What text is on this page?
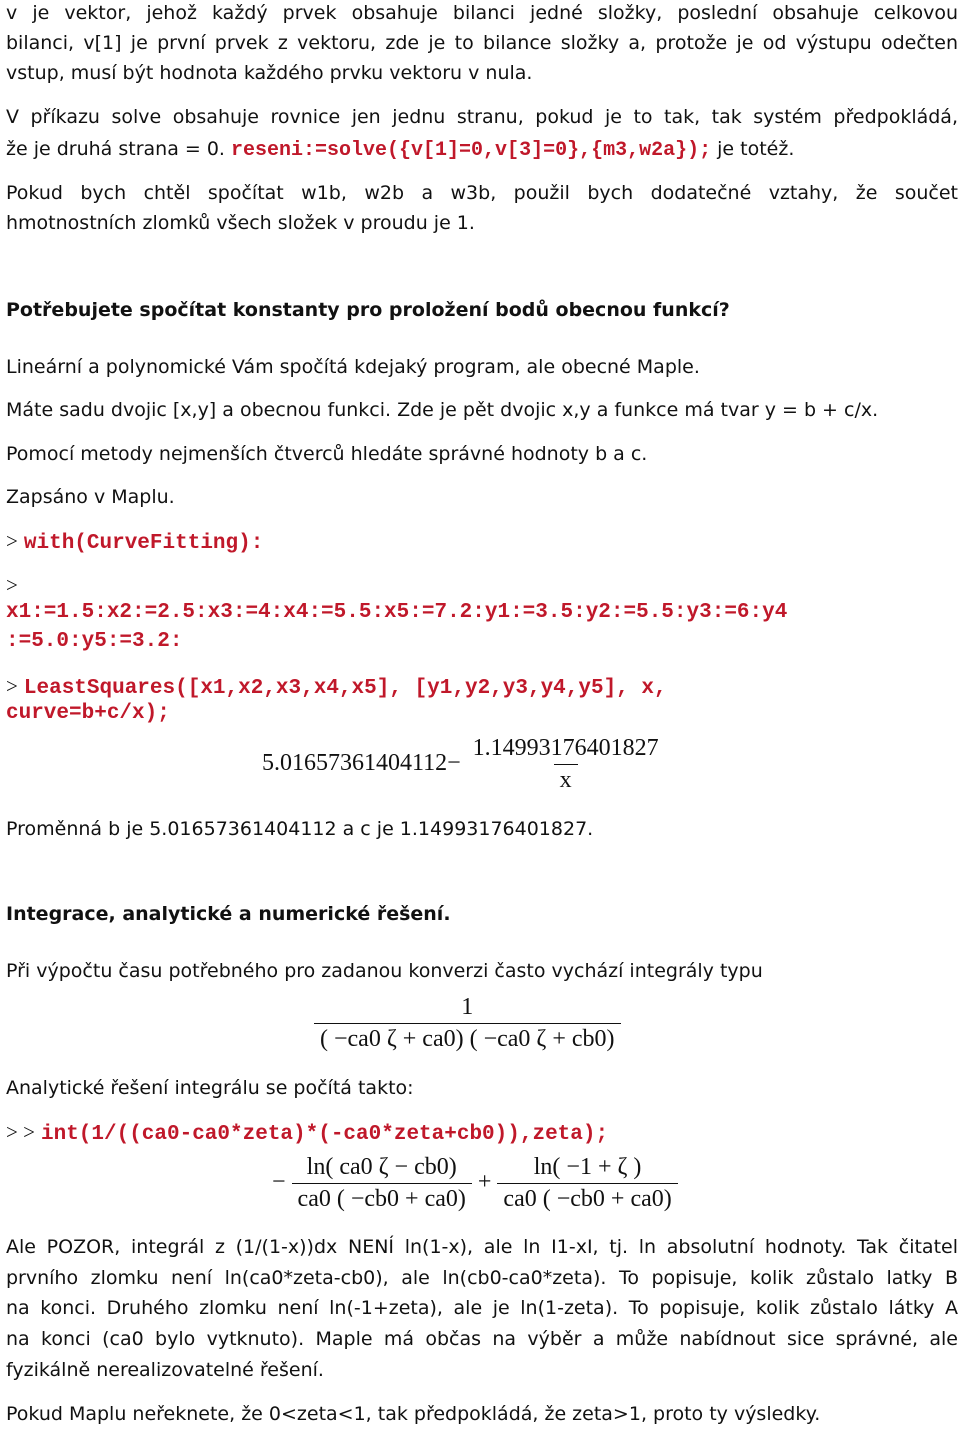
v je vektor, jehož každý prvek obsahuje bilanci jedné složky, poslední obsahuje celkovou
bilanci, v[1] je první prvek z vektoru, zde je to bilance složky a, protože je od výstupu odečten
vstup, musí být hodnota každého prvku vektoru v nula.
V příkazu solve obsahuje rovnice jen jednu stranu, pokud je to tak, tak systém předpokládá,
že je druhá strana = 0. reseni:=solve({v[1]=0,v[3]=0},{m3,w2a}); je totéž.
Pokud bych chtěl spočítat w1b, w2b a w3b, použil bych dodatečné vztahy, že součet
hmotnostních zlomků všech složek v proudu je 1.
Potřebujete spočítat konstanty pro proložení bodů obecnou funkcí?
Lineární a polynomické Vám spočítá kdejaký program, ale obecné Maple.
Máte sadu dvojic [x,y] a obecnou funkci. Zde je pět dvojic x,y a funkce má tvar y = b + c/x.
Pomocí metody nejmenších čtverců hledáte správné hodnoty b a c.
Zapsáno v Maplu.
> with(CurveFitting):
>
x1:=1.5:x2:=2.5:x3:=4:x4:=5.5:x5:=7.2:y1:=3.5:y2:=5.5:y3:=6:y4
:=5.0:y5:=3.2:
> LeastSquares([x1,x2,x3,x4,x5], [y1,y2,y3,y4,y5], x,
curve=b+c/x);
$5.01657361404112- \frac{1.14993176401827}{x}$
Proměnná b je 5.01657361404112 a c je 1.14993176401827.
Integrace, analytické a numerické řešení.
Při výpočtu času potřebného pro zadanou konverzi často vychází integrály typu
$\frac{1}{( -ca0 \zeta + ca0) ( -ca0 \zeta + cb0)}$
Analytické řešení integrálu se počítá takto:
> > int(1/((ca0-ca0*zeta)*(-ca0*zeta+cb0)),zeta);
− $\frac{\ln( ca0 \zeta - cb0)}{ca0 ( -cb0 + ca0)} + \frac{\ln( -1 + \zeta )}{ca0 ( -cb0 + ca0)}$
Ale POZOR, integrál z (1/(1-x))dx NENÍ ln(1-x), ale ln I1-xI, tj. ln absolutní hodnoty. Tak čitatel
prvního zlomku není ln(ca0*zeta-cb0), ale ln(cb0-ca0*zeta). To popisuje, kolik zůstalo latky B
na konci. Druhého zlomku není ln(-1+zeta), ale je ln(1-zeta). To popisuje, kolik zůstalo látky A
na konci (ca0 bylo vytknuto). Maple má občas na výběr a může nabídnout sice správné, ale
fyzikálně nerealizovatelné řešení.
Pokud Maplu neřeknete, že 0<zeta<1, tak předpokládá, že zeta>1, proto ty výsledky.
